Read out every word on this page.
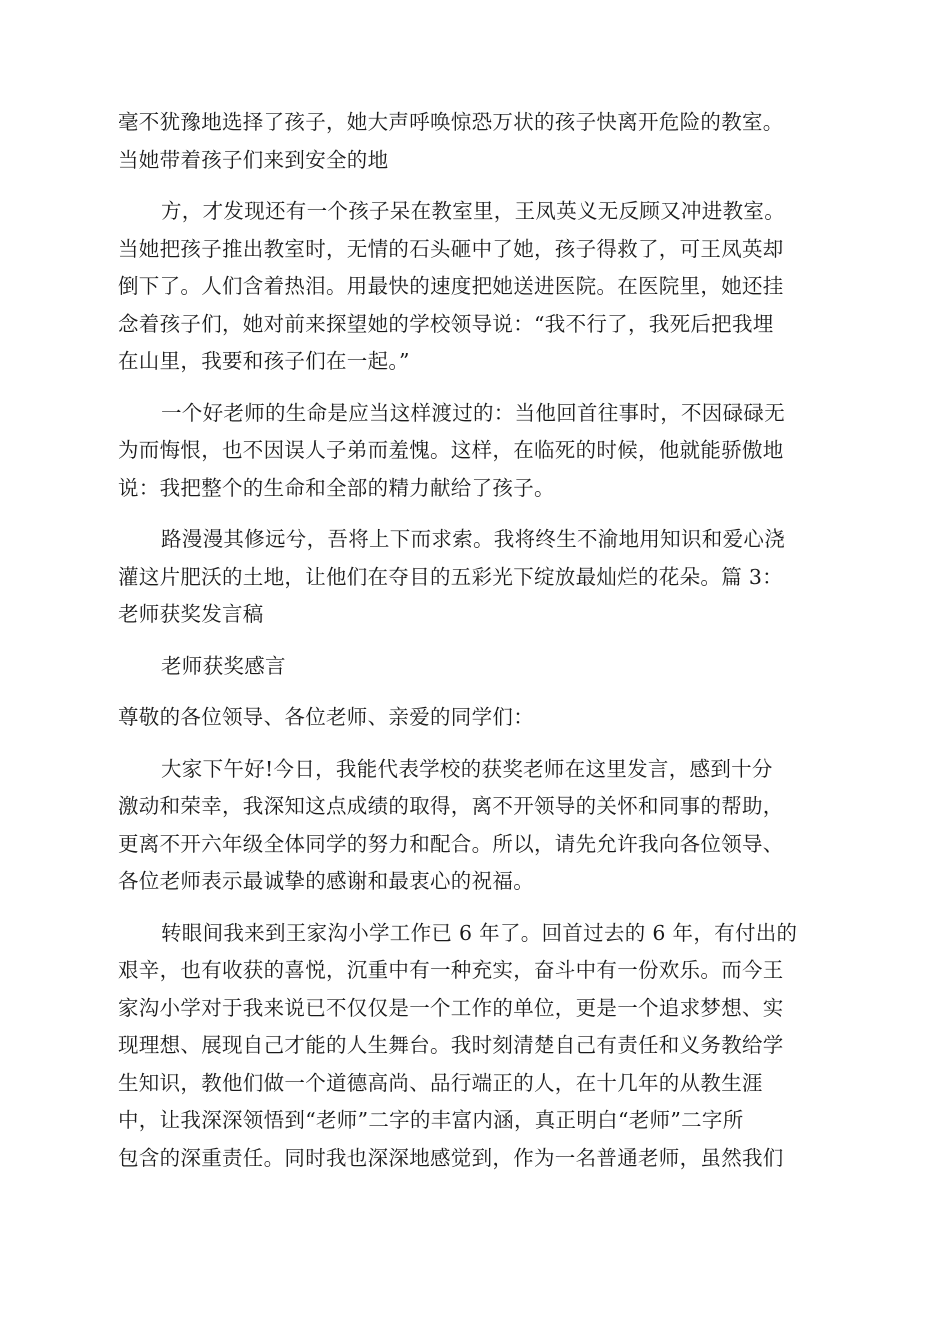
毫不犹豫地选择了孩子，她大声呼唤惊恐万状的孩子快离开危险的教室。
当她带着孩子们来到安全的地
方，才发现还有一个孩子呆在教室里，王凤英义无反顾又冲进教室。
当她把孩子推出教室时，无情的石头砸中了她，孩子得救了，可王凤英却
倒下了。人们含着热泪。用最快的速度把她送进医院。在医院里，她还挂
念着孩子们，她对前来探望她的学校领导说：“我不行了，我死后把我埋
在山里，我要和孩子们在一起。”
一个好老师的生命是应当这样渡过的：当他回首往事时，不因碌碌无
为而悔恨，也不因误人子弟而羞愧。这样，在临死的时候，他就能骄傲地
说：我把整个的生命和全部的精力献给了孩子。
路漫漫其修远兮，吾将上下而求索。我将终生不渝地用知识和爱心浇
灌这片肥沃的土地，让他们在夺目的五彩光下绽放最灿烂的花朵。篇 3：
老师获奖发言稿
老师获奖感言
尊敬的各位领导、各位老师、亲爱的同学们：
大家下午好!今日，我能代表学校的获奖老师在这里发言，感到十分
激动和荣幸，我深知这点成绩的取得，离不开领导的关怀和同事的帮助，
更离不开六年级全体同学的努力和配合。所以，请先允许我向各位领导、
各位老师表示最诚挚的感谢和最衷心的祝福。
转眼间我来到王家沟小学工作已 6 年了。回首过去的 6 年，有付出的
艰辛，也有收获的喜悦，沉重中有一种充实，奋斗中有一份欢乐。而今王
家沟小学对于我来说已不仅仅是一个工作的单位，更是一个追求梦想、实
现理想、展现自己才能的人生舞台。我时刻清楚自己有责任和义务教给学
生知识，教他们做一个道德高尚、品行端正的人，在十几年的从教生涯
中，让我深深领悟到“老师”二字的丰富内涵，真正明白“老师”二字所
包含的深重责任。同时我也深深地感觉到，作为一名普通老师，虽然我们
